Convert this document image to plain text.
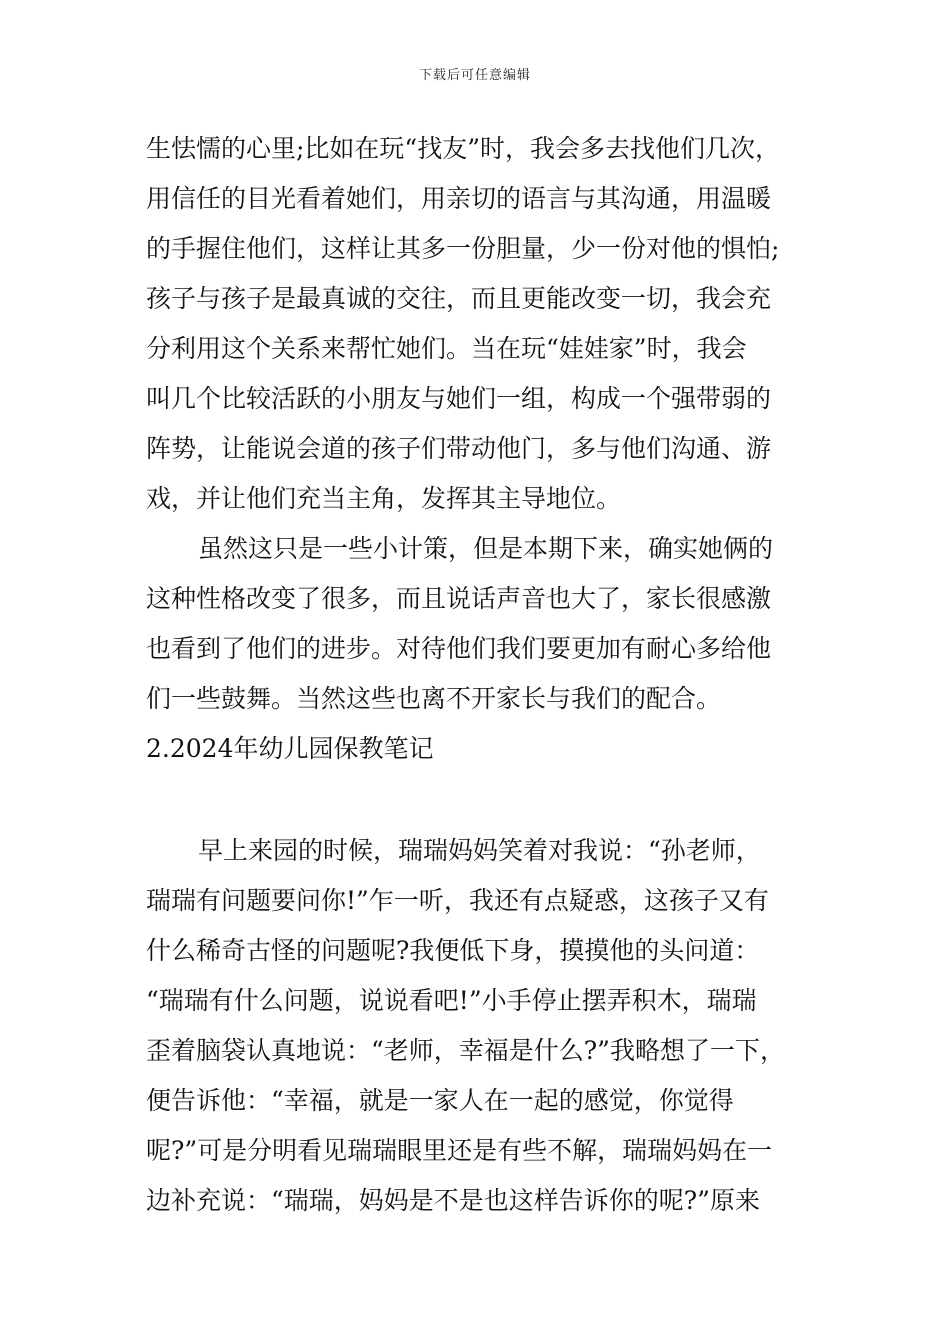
下载后可任意编辑
生怯懦的心里;比如在玩“找友”时，我会多去找他们几次，
用信任的目光看着她们，用亲切的语言与其沟通，用温暖
的手握住他们，这样让其多一份胆量，少一份对他的惧怕;
孩子与孩子是最真诚的交往，而且更能改变一切，我会充
分利用这个关系来帮忙她们。当在玩“娃娃家”时，我会
叫几个比较活跃的小朋友与她们一组，构成一个强带弱的
阵势，让能说会道的孩子们带动他门，多与他们沟通、游
戏，并让他们充当主角，发挥其主导地位。
虽然这只是一些小计策，但是本期下来，确实她俩的
这种性格改变了很多，而且说话声音也大了，家长很感激
也看到了他们的进步。对待他们我们要更加有耐心多给他
们一些鼓舞。当然这些也离不开家长与我们的配合。
2.2024年幼儿园保教笔记
早上来园的时候，瑞瑞妈妈笑着对我说：“孙老师，
瑞瑞有问题要问你!”乍一听，我还有点疑惑，这孩子又有
什么稀奇古怪的问题呢?我便低下身，摸摸他的头问道：
“瑞瑞有什么问题，说说看吧!”小手停止摆弄积木，瑞瑞
歪着脑袋认真地说：“老师，幸福是什么?”我略想了一下，
便告诉他：“幸福，就是一家人在一起的感觉，你觉得
呢?”可是分明看见瑞瑞眼里还是有些不解，瑞瑞妈妈在一
边补充说：“瑞瑞，妈妈是不是也这样告诉你的呢?”原来
